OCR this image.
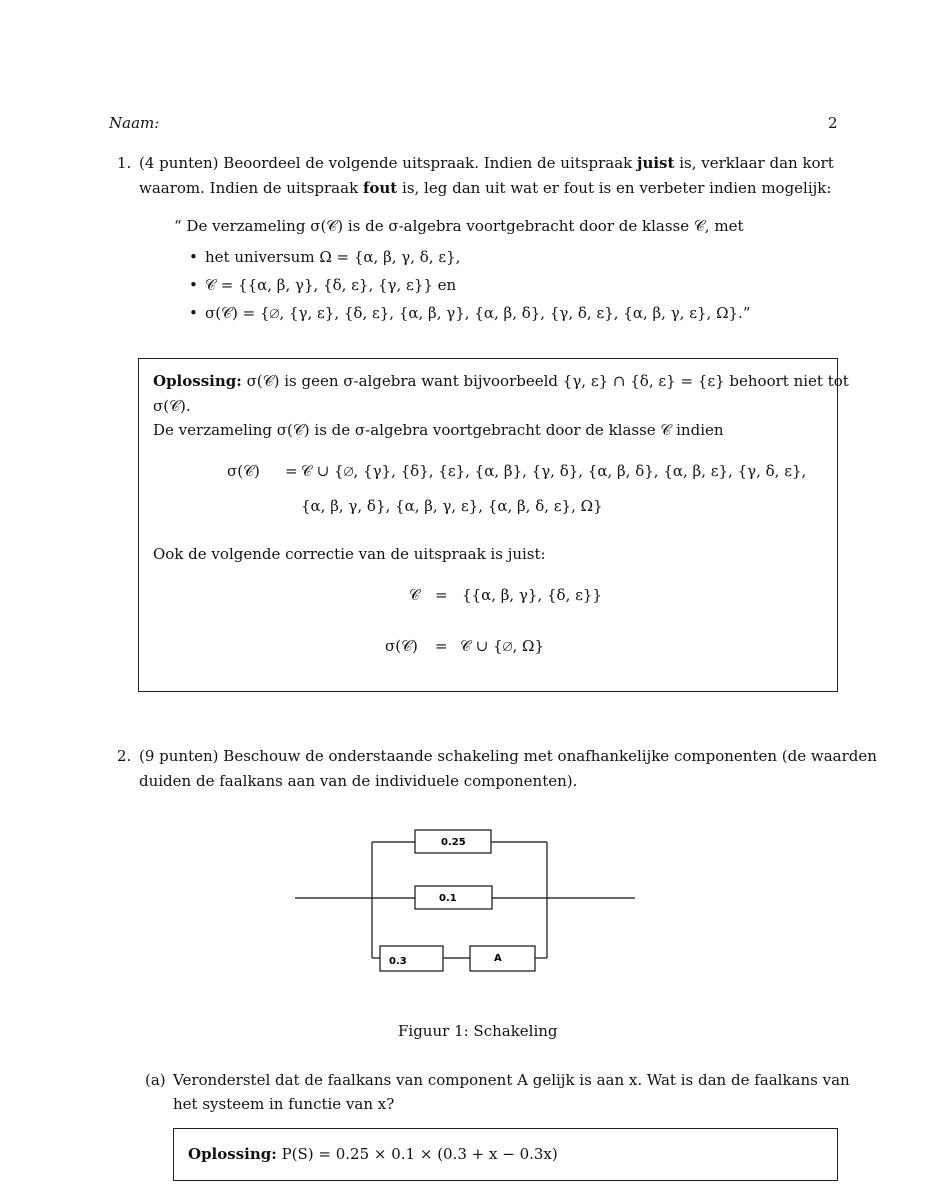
Naam:	2
1. (4 punten) Beoordeel de volgende uitspraak. Indien de uitspraak juist is, verklaar dan kort
waarom. Indien de uitspraak fout is, leg dan uit wat er fout is en verbeter indien mogelijk:
“ De verzameling σ(𝒞) is de σ-algebra voortgebracht door de klasse 𝒞, met
• het universum Ω = {α, β, γ, δ, ε},
• 𝒞 = {{α, β, γ}, {δ, ε}, {γ, ε}} en
• σ(𝒞) = {∅, {γ, ε}, {δ, ε}, {α, β, γ}, {α, β, δ}, {γ, δ, ε}, {α, β, γ, ε}, Ω}.”
Oplossing: σ(𝒞) is geen σ-algebra want bijvoorbeeld {γ, ε} ∩ {δ, ε} = {ε} behoort niet tot
σ(𝒞).
De verzameling σ(𝒞) is de σ-algebra voortgebracht door de klasse 𝒞 indien
σ(𝒞) = 𝒞 ∪ {∅, {γ}, {δ}, {ε}, {α, β}, {γ, δ}, {α, β, δ}, {α, β, ε}, {γ, δ, ε},
{α, β, γ, δ}, {α, β, γ, ε}, {α, β, δ, ε}, Ω}
Ook de volgende correctie van de uitspraak is juist:
𝒞 = {{α, β, γ}, {δ, ε}}
σ(𝒞) = 𝒞 ∪ {∅, Ω}
2. (9 punten) Beschouw de onderstaande schakeling met onafhankelijke componenten (de waarden
duiden de faalkans aan van de individuele componenten).
0.25
0.1
0.3	A
Figuur 1: Schakeling
(a) Veronderstel dat de faalkans van component A gelijk is aan x. Wat is dan de faalkans van
het systeem in functie van x?
Oplossing: P(S) = 0.25 × 0.1 × (0.3 + x − 0.3x)
